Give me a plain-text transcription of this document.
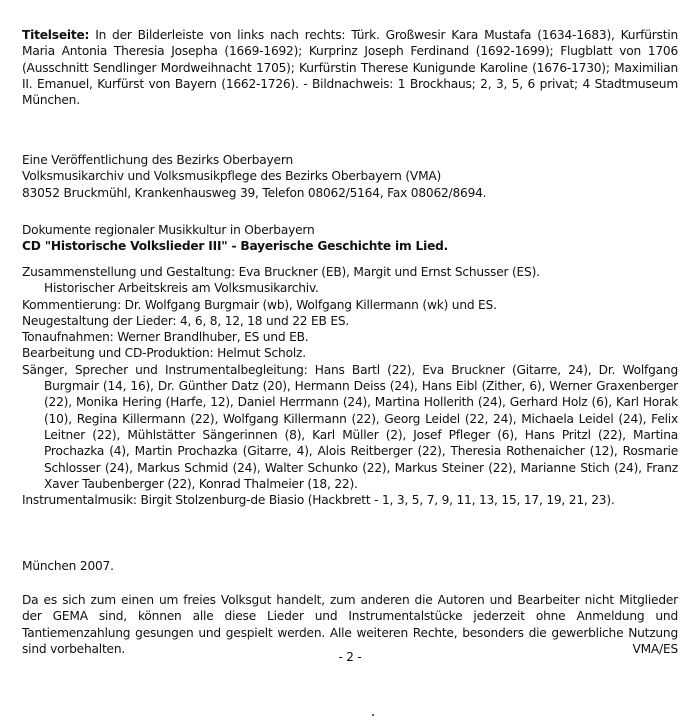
Titelseite: In der Bilderleiste von links nach rechts: Türk. Großwesir Kara Mustafa (1634-1683), Kurfürstin Maria Antonia Theresia Josepha (1669-1692); Kurprinz Joseph Ferdinand (1692-1699); Flugblatt von 1706 (Ausschnitt Sendlinger Mordweihnacht 1705); Kurfürstin Therese Kunigunde Karoline (1676-1730); Maximilian II. Emanuel, Kurfürst von Bayern (1662-1726). - Bildnachweis: 1 Brockhaus; 2, 3, 5, 6 privat; 4 Stadtmuseum München.
Eine Veröffentlichung des Bezirks Oberbayern
Volksmusikarchiv und Volksmusikpflege des Bezirks Oberbayern (VMA)
83052 Bruckmühl, Krankenhausweg 39, Telefon 08062/5164, Fax 08062/8694.
Dokumente regionaler Musikkultur in Oberbayern
CD "Historische Volkslieder III" - Bayerische Geschichte im Lied.
Zusammenstellung und Gestaltung: Eva Bruckner (EB), Margit und Ernst Schusser (ES).
Historischer Arbeitskreis am Volksmusikarchiv.
Kommentierung: Dr. Wolfgang Burgmair (wb), Wolfgang Killermann (wk) und ES.
Neugestaltung der Lieder: 4, 6, 8, 12, 18 und 22 EB ES.
Tonaufnahmen: Werner Brandlhuber, ES und EB.
Bearbeitung und CD-Produktion: Helmut Scholz.
Sänger, Sprecher und Instrumentalbegleitung: Hans Bartl (22), Eva Bruckner (Gitarre, 24), Dr. Wolfgang Burgmair (14, 16), Dr. Günther Datz (20), Hermann Deiss (24), Hans Eibl (Zither, 6), Werner Graxenberger (22), Monika Hering (Harfe, 12), Daniel Herrmann (24), Martina Hollerith (24), Gerhard Holz (6), Karl Horak (10), Regina Killermann (22), Wolfgang Killermann (22), Georg Leidel (22, 24), Michaela Leidel (24), Felix Leitner (22), Mühlstätter Sängerinnen (8), Karl Müller (2), Josef Pfleger (6), Hans Pritzl (22), Martina Prochazka (4), Martin Prochazka (Gitarre, 4), Alois Reitberger (22), Theresia Rothenaicher (12), Rosmarie Schlosser (24), Markus Schmid (24), Walter Schunko (22), Markus Steiner (22), Marianne Stich (24), Franz Xaver Taubenberger (22), Konrad Thalmeier (18, 22).
Instrumentalmusik: Birgit Stolzenburg-de Biasio (Hackbrett - 1, 3, 5, 7, 9, 11, 13, 15, 17, 19, 21, 23).
München 2007.
Da es sich zum einen um freies Volksgut handelt, zum anderen die Autoren und Bearbeiter nicht Mitglieder der GEMA sind, können alle diese Lieder und Instrumentalstücke jederzeit ohne Anmeldung und Tantiemenzahlung gesungen und gespielt werden. Alle weiteren Rechte, besonders die gewerbliche Nutzung sind vorbehalten.	VMA/ES
- 2 -
